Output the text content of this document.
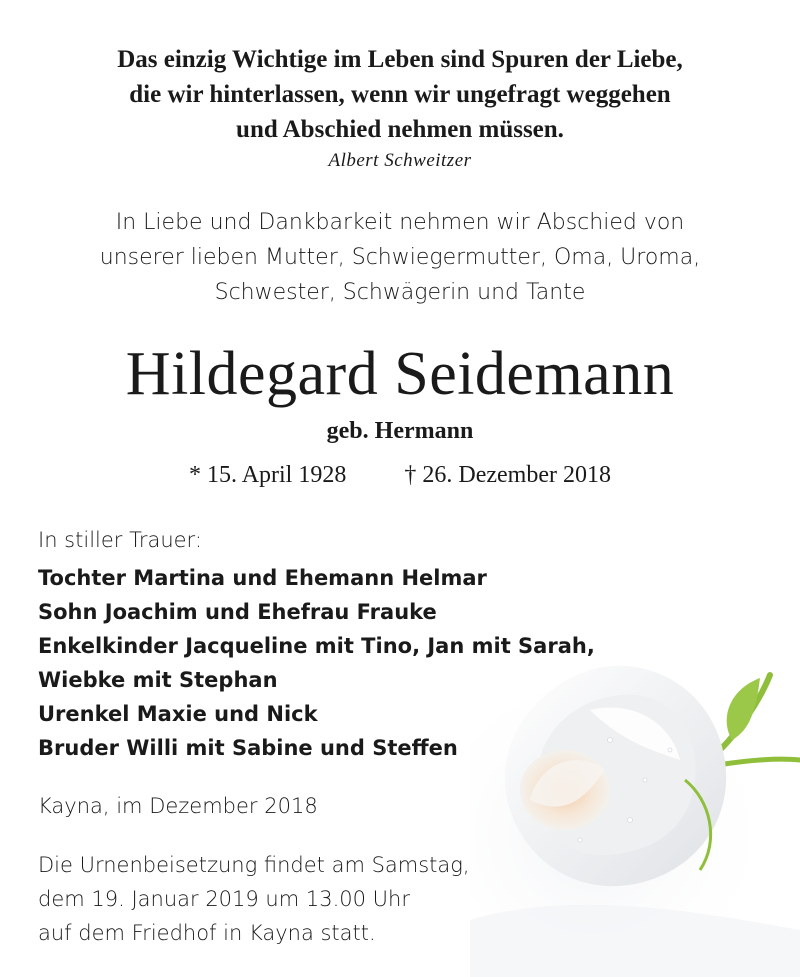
Das einzig Wichtige im Leben sind Spuren der Liebe,
die wir hinterlassen, wenn wir ungefragt weggehen
und Abschied nehmen müssen.
Albert Schweitzer
In Liebe und Dankbarkeit nehmen wir Abschied von
unserer lieben Mutter, Schwiegermutter, Oma, Uroma,
Schwester, Schwägerin und Tante
Hildegard Seidemann
geb. Hermann
* 15. April 1928 † 26. Dezember 2018
In stiller Trauer:
Tochter Martina und Ehemann Helmar
Sohn Joachim und Ehefrau Frauke
Enkelkinder Jacqueline mit Tino, Jan mit Sarah,
Wiebke mit Stephan
Urenkel Maxie und Nick
Bruder Willi mit Sabine und Steffen
Kayna, im Dezember 2018
Die Urnenbeisetzung findet am Samstag,
dem 19. Januar 2019 um 13.00 Uhr
auf dem Friedhof in Kayna statt.
